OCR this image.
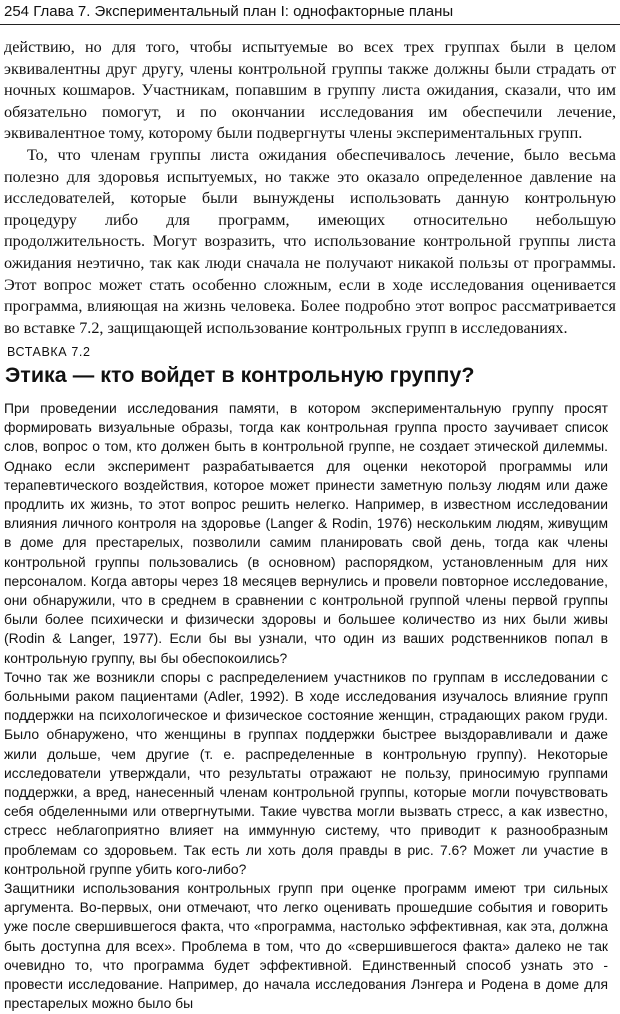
254 Глава 7. Экспериментальный план I: однофакторные планы

действию, но для того, чтобы испытуемые во всех трех группах были в целом эквивалентны друг другу, члены контрольной группы также должны были страдать от ночных кошмаров. Участникам, попавшим в группу листа ожидания, сказали, что им обязательно помогут, и по окончании исследования им обеспечили лечение, эквивалентное тому, которому были подвергнуты члены экспериментальных групп.

То, что членам группы листа ожидания обеспечивалось лечение, было весьма полезно для здоровья испытуемых, но также это оказало определенное давление на исследователей, которые были вынуждены использовать данную контрольную процедуру либо для программ, имеющих относительно небольшую продолжительность. Могут возразить, что использование контрольной группы листа ожидания неэтично, так как люди сначала не получают никакой пользы от программы. Этот вопрос может стать особенно сложным, если в ходе исследования оценивается программа, влияющая на жизнь человека. Более подробно этот вопрос рассматривается во вставке 7.2, защищающей использование контрольных групп в исследованиях.

ВСТАВКА 7.2
Этика — кто войдет в контрольную группу?

При проведении исследования памяти, в котором экспериментальную группу просят формировать визуальные образы, тогда как контрольная группа просто заучивает список слов, вопрос о том, кто должен быть в контрольной группе, не создает этической дилеммы. Однако если эксперимент разрабатывается для оценки некоторой программы или терапевтического воздействия, которое может принести заметную пользу людям или даже продлить их жизнь, то этот вопрос решить нелегко. Например, в известном исследовании влияния личного контроля на здоровье (Langer & Rodin, 1976) нескольким людям, живущим в доме для престарелых, позволили самим планировать свой день, тогда как члены контрольной группы пользовались (в основном) распорядком, установленным для них персоналом. Когда авторы через 18 месяцев вернулись и провели повторное исследование, они обнаружили, что в среднем в сравнении с контрольной группой члены первой группы были более психически и физически здоровы и большее количество из них были живы (Rodin & Langer, 1977). Если бы вы узнали, что один из ваших родственников попал в контрольную группу, вы бы обеспокоились?

Точно так же возникли споры с распределением участников по группам в исследовании с больными раком пациентами (Adler, 1992). В ходе исследования изучалось влияние групп поддержки на психологическое и физическое состояние женщин, страдающих раком груди. Было обнаружено, что женщины в группах поддержки быстрее выздоравливали и даже жили дольше, чем другие (т. е. распределенные в контрольную группу). Некоторые исследователи утверждали, что результаты отражают не пользу, приносимую группами поддержки, а вред, нанесенный членам контрольной группы, которые могли почувствовать себя обделенными или отвергнутыми. Такие чувства могли вызвать стресс, а как известно, стресс неблагоприятно влияет на иммунную систему, что приводит к разнообразным проблемам со здоровьем. Так есть ли хоть доля правды в рис. 7.6? Может ли участие в контрольной группе убить кого-либо?

Защитники использования контрольных групп при оценке программ имеют три сильных аргумента. Во-первых, они отмечают, что легко оценивать прошедшие события и говорить уже после свершившегося факта, что «программа, настолько эффективная, как эта, должна быть доступна для всех». Проблема в том, что до «свершившегося факта» далеко не так очевидно то, что программа будет эффективной. Единственный способ узнать это - провести исследование. Например, до начала исследования Лэнгера и Родена в доме для престарелых можно было бы
